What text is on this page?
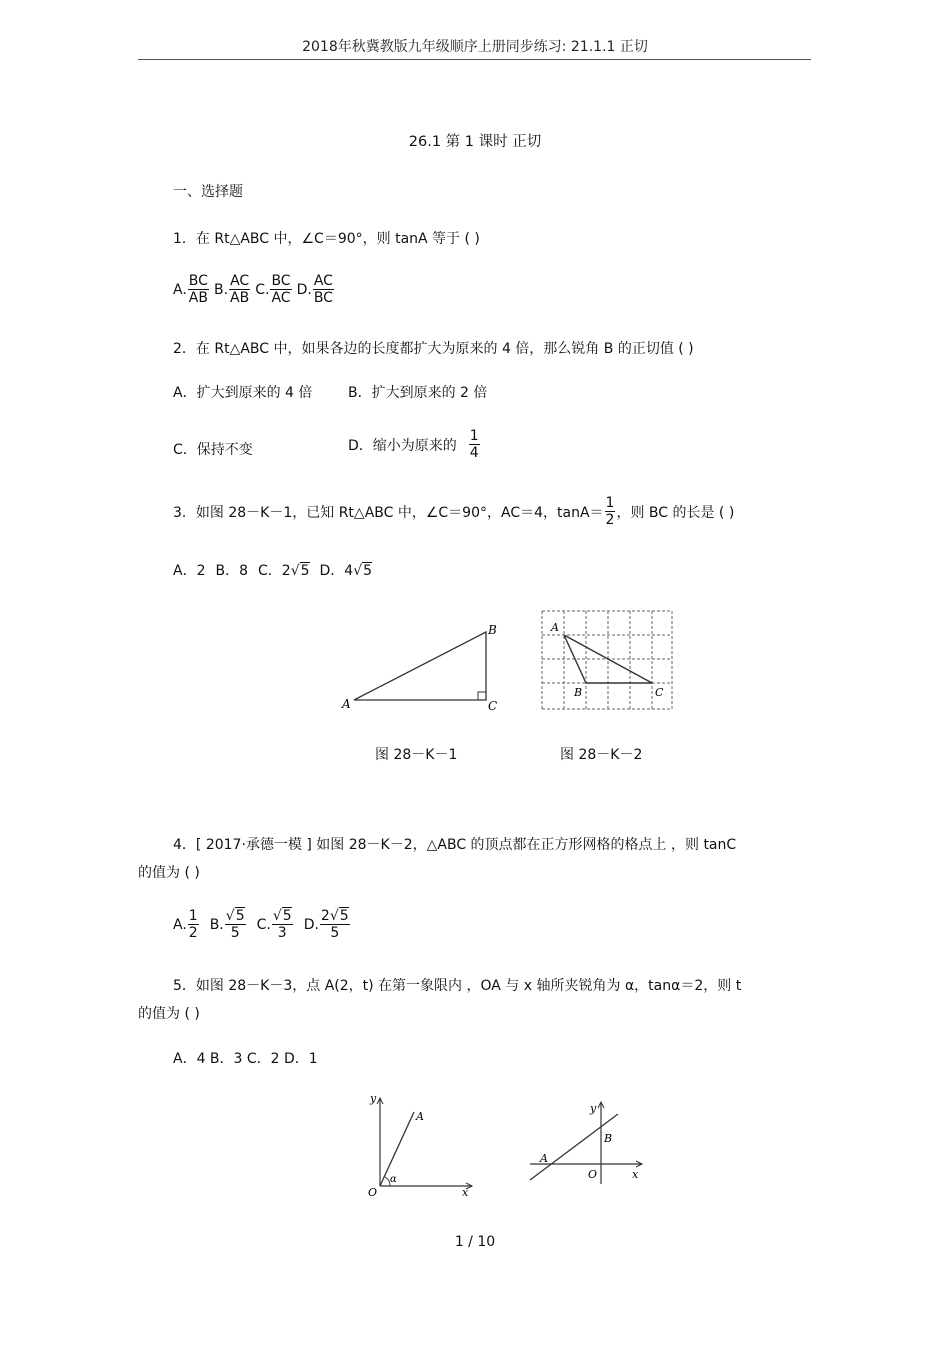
2018年秋冀教版九年级顺序上册同步练习: 21.1.1 正切
26.1 第 1 课时 正切
一、选择题
1．在 Rt△ABC 中，∠C＝90°，则 tanA 等于 ( )
A. $\frac{BC}{AB} B$. $\frac{AC}{AB} C$. $\frac{BC}{AC} D$. $\frac{AC}{BC}$
2．在 Rt△ABC 中，如果各边的长度都扩大为原来的 4 倍，那么锐角 B 的正切值 ( )
A．扩大到原来的 4 倍	B．扩大到原来的 2 倍
C．保持不变	D．缩小为原来的 $\frac{1}{4}$
3．如图 28－K－1，已知 Rt△ABC 中，∠C＝90°，AC＝4，$\tan A= \frac{1}{2}$ ，则 BC 的长是 ( )
A．2 B．8 C．2√5 D．4√5
A
B
C
图 28－K－1
A
B	C
图 28－K－2
4．[ 2017·承德一模 ] 如图 28－K－2，△ABC 的顶点都在正方形网格的格点上 ，则 tanC
的值为 ( )
A. $\frac{1}{2} B$. $\frac{√5}{5} C$. $\frac{√5}{3} D$. $\frac{2√5}{5}$
5．如图 28－K－3，点 A(2，t) 在第一象限内 ，OA 与 x 轴所夹锐角为 α，tanα＝2，则 t
的值为 ( )
A．4 B．3 C．2 D．1
y
x
O
A
α
y
x
O
A
B
1 / 10
